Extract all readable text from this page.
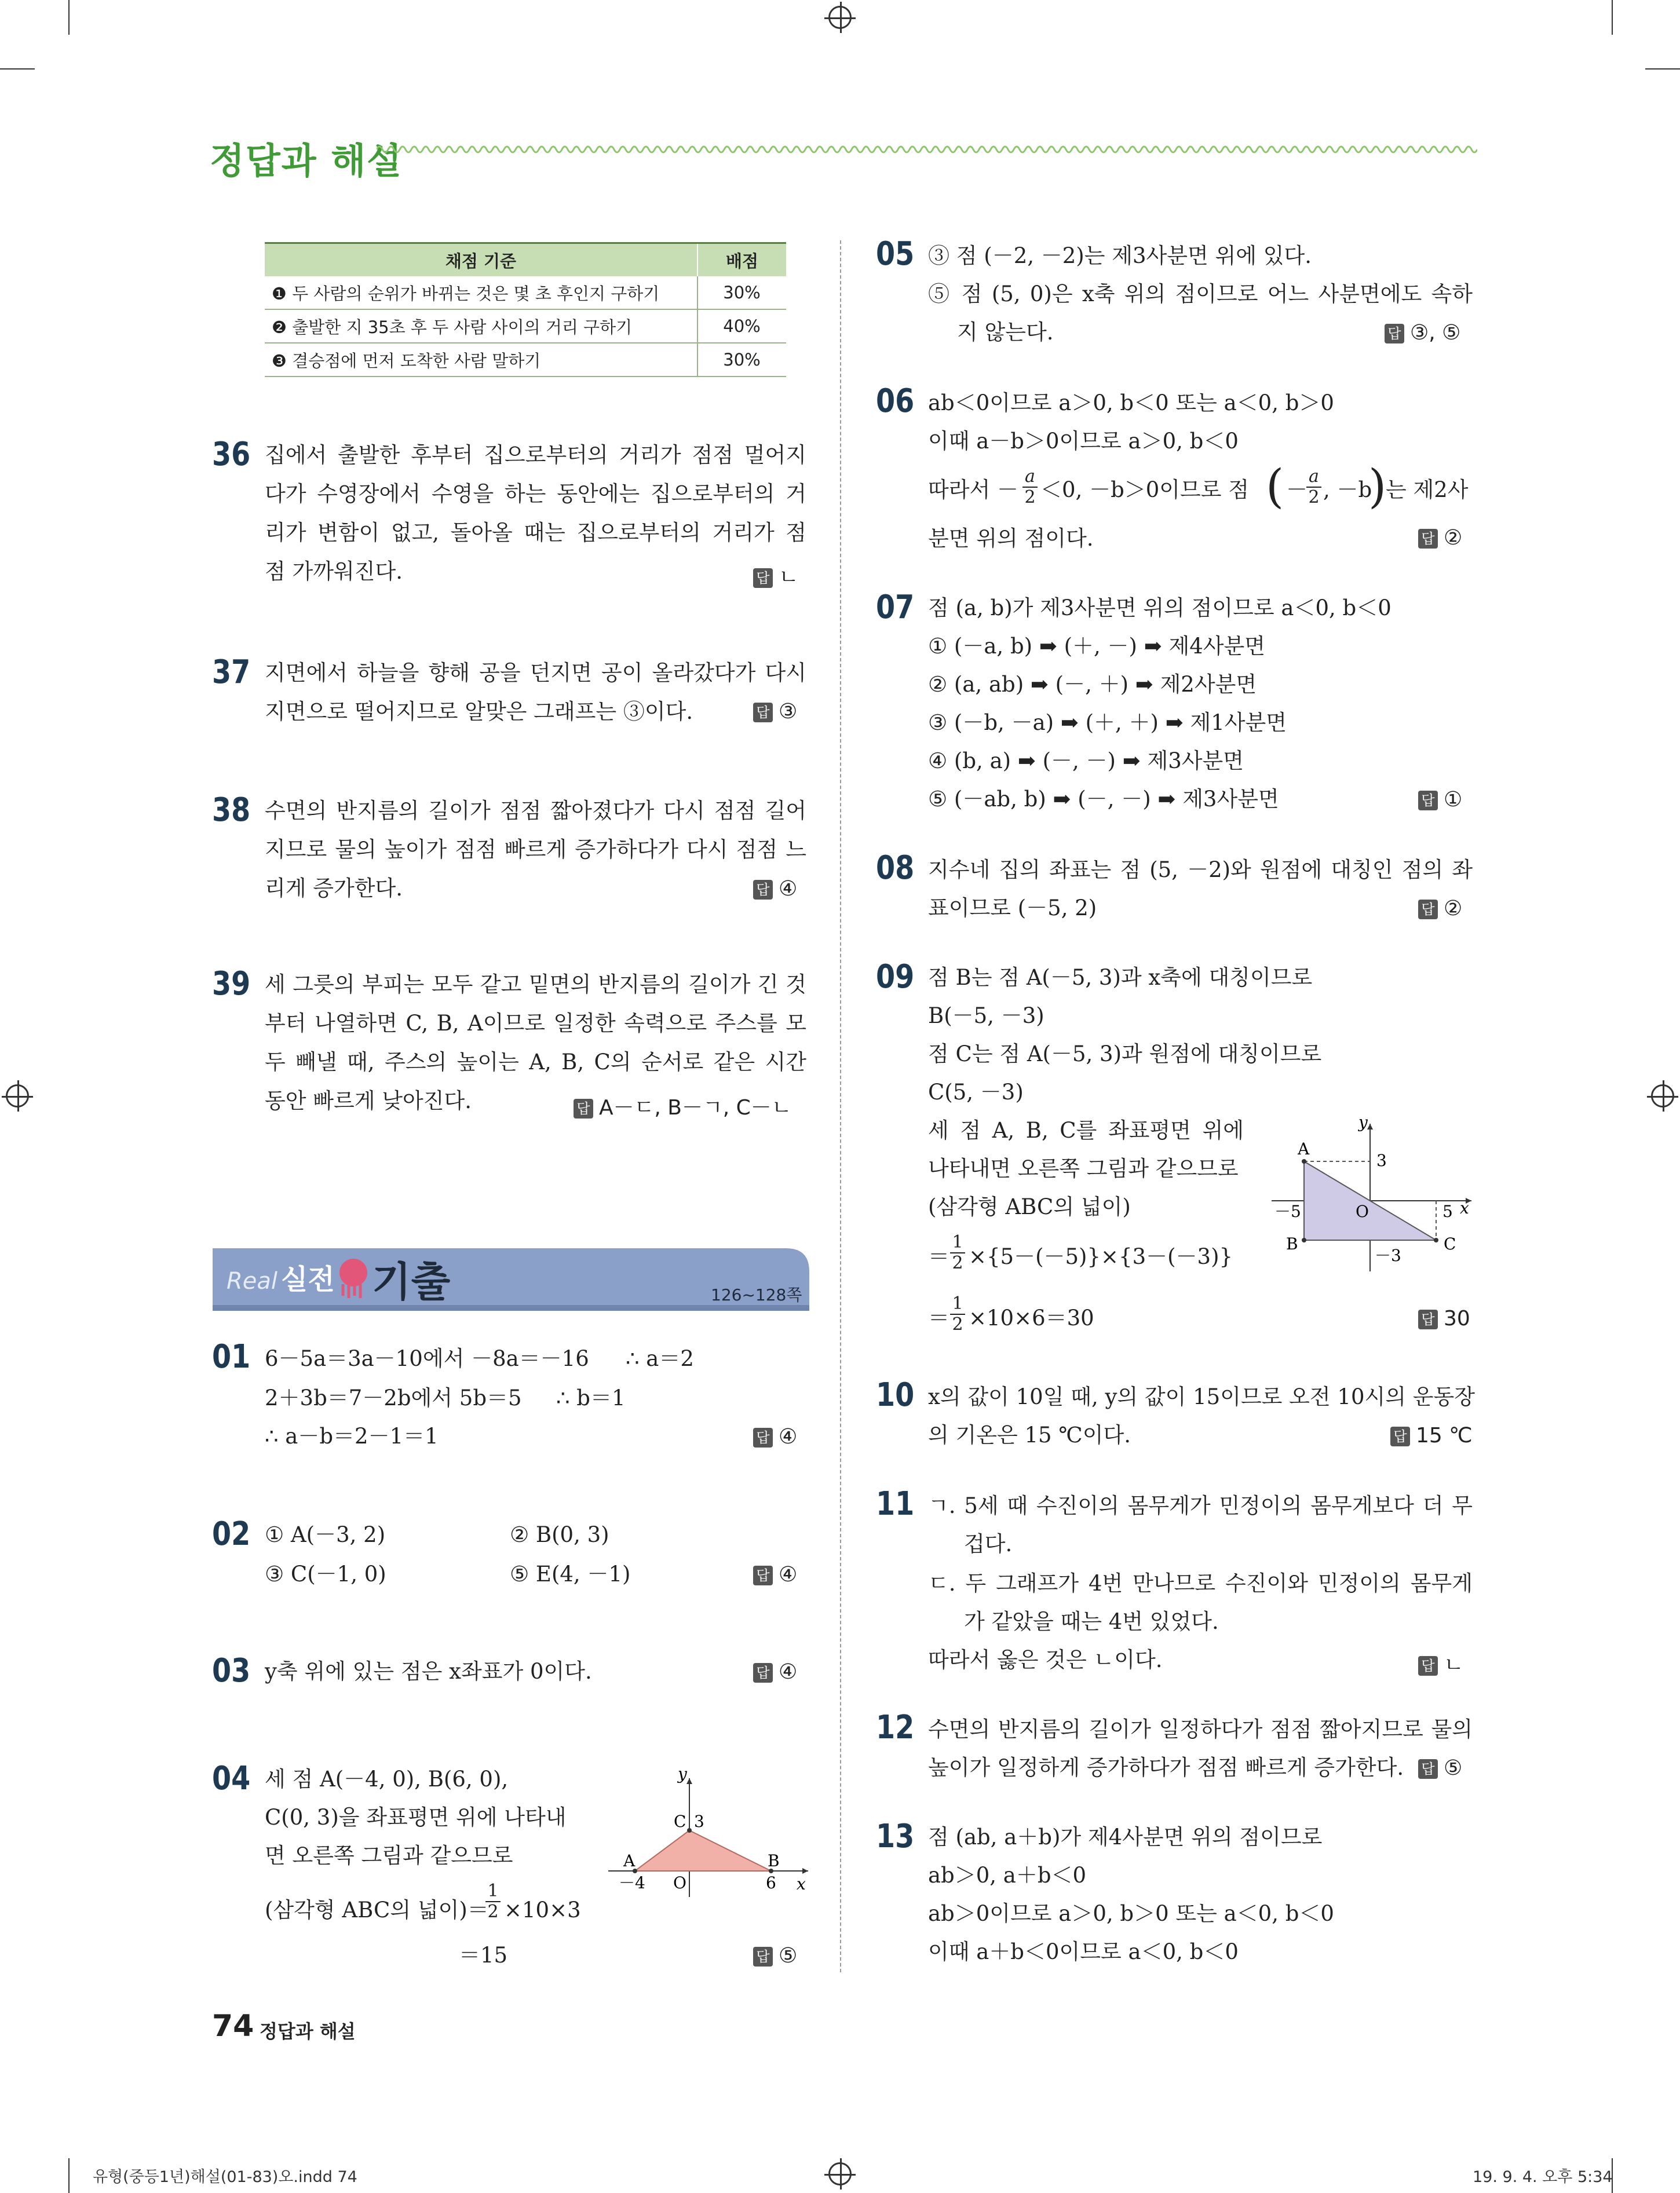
정답과 해설
채점 기준	배점
❶ 두 사람의 순위가 바뀌는 것은 몇 초 후인지 구하기	30%
❷ 출발한 지 35초 후 두 사람 사이의 거리 구하기	40%
❸ 결승점에 먼저 도착한 사람 말하기	30%
36 집에서 출발한 후부터 집으로부터의 거리가 점점 멀어지
다가 수영장에서 수영을 하는 동안에는 집으로부터의 거
리가 변함이 없고, 돌아올 때는 집으로부터의 거리가 점
점 가까워진다.	답 ㄴ
37 지면에서 하늘을 향해 공을 던지면 공이 올라갔다가 다시
지면으로 떨어지므로 알맞은 그래프는 ③이다.	답 ③
38 수면의 반지름의 길이가 점점 짧아졌다가 다시 점점 길어
지므로 물의 높이가 점점 빠르게 증가하다가 다시 점점 느
리게 증가한다.	답 ④
39 세 그릇의 부피는 모두 같고 밑면의 반지름의 길이가 긴 것
부터 나열하면 C, B, A이므로 일정한 속력으로 주스를 모
두 빼낼 때, 주스의 높이는 A, B, C의 순서로 같은 시간
동안 빠르게 낮아진다.	답 A－ㄷ, B－ㄱ, C－ㄴ
Real 실전 기출	126~128쪽
01 6－5a＝3a－10에서 －8a＝－16 ∴ a＝2
2＋3b＝7－2b에서 5b＝5 ∴ b＝1
∴ a－b＝2－1＝1	답 ④
02 ① A(－3, 2)	② B(0, 3)
③ C(－1, 0)	⑤ E(4, －1)	답 ④
03 y축 위에 있는 점은 x좌표가 0이다.	답 ④
04 세 점 A(－4, 0), B(6, 0),
C(0, 3)을 좌표평면 위에 나타내
면 오른쪽 그림과 같으므로
(삼각형 ABC의 넓이)＝
$\frac{1}{2} \times 10\times 3$
＝15	답 ⑤
y
x
A	B
C 3
O
－4	6
05 ③ 점 (－2, －2)는 제3사분면 위에 있다.
⑤ 점 (5, 0)은 x축 위의 점이므로 어느 사분면에도 속하
지 않는다.	답 ③, ⑤
06 ab＜0이므로 a＞0, b＜0 또는 a＜0, b＞0
이때 a－b＞0이므로 a＞0, b＜0
따라서 － $\frac{a}{2} <0$, －b＞0이므로 점 ( －
$\frac{a}{2}$ , －b
)
는 제2사
분면 위의 점이다.	답 ②
07 점 (a, b)가 제3사분면 위의 점이므로 a＜0, b＜0
① (－a, b) ➡ (＋, －) ➡ 제4사분면
② (a, ab) ➡ (－, ＋) ➡ 제2사분면
③ (－b, －a) ➡ (＋, ＋) ➡ 제1사분면
④ (b, a) ➡ (－, －) ➡ 제3사분면
⑤ (－ab, b) ➡ (－, －) ➡ 제3사분면	답 ①
08 지수네 집의 좌표는 점 (5, －2)와 원점에 대칭인 점의 좌
표이므로 (－5, 2)	답 ②
09 점 B는 점 A(－5, 3)과 x축에 대칭이므로
B(－5, －3)
점 C는 점 A(－5, 3)과 원점에 대칭이므로
C(5, －3)
세 점 A, B, C를 좌표평면 위에
나타내면 오른쪽 그림과 같으므로
(삼각형 ABC의 넓이)
＝ $\frac{1}{2} \times\{5-(-5)\}\times\{3-(-3)\}$
＝ $\frac{1}{2} \times 10\times 6=30$	답 30
y
x
A
B	C
3
O
－5	5
－3
10 x의 값이 10일 때, y의 값이 15이므로 오전 10시의 운동장
의 기온은 15 ℃이다.	답 15 ℃
11 ㄱ. 5세 때 수진이의 몸무게가 민정이의 몸무게보다 더 무
겁다.
ㄷ. 두 그래프가 4번 만나므로 수진이와 민정이의 몸무게
가 같았을 때는 4번 있었다.
따라서 옳은 것은 ㄴ이다.	답 ㄴ
12 수면의 반지름의 길이가 일정하다가 점점 짧아지므로 물의
높이가 일정하게 증가하다가 점점 빠르게 증가한다. 답 ⑤
13 점 (ab, a＋b)가 제4사분면 위의 점이므로
ab＞0, a＋b＜0
ab＞0이므로 a＞0, b＞0 또는 a＜0, b＜0
이때 a＋b＜0이므로 a＜0, b＜0
74 정답과 해설
유형(중등1년)해설(01-83)오.indd 74	19. 9. 4. 오후 5:34
